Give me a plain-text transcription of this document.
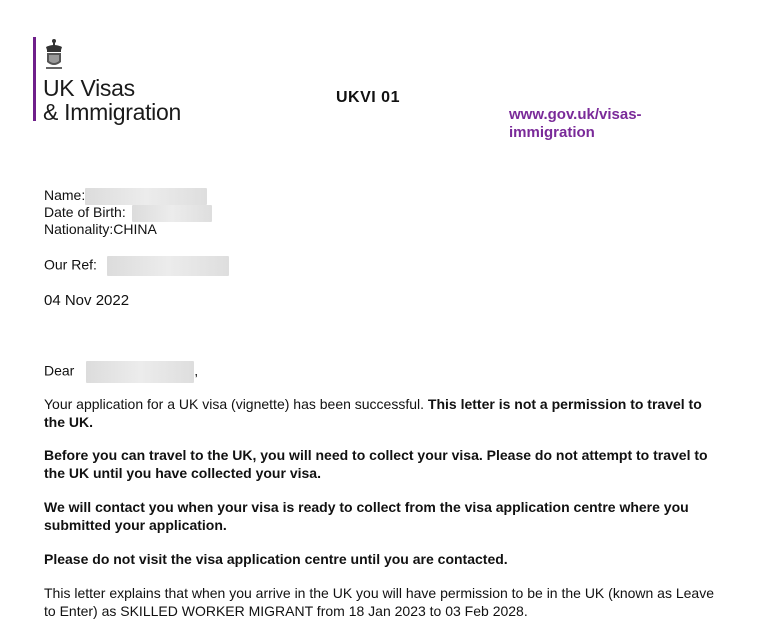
UK Visas
& Immigration
UKVI 01
www.gov.uk/visas-
immigration
Name:
Date of Birth:
Nationality:CHINA
Our Ref:
04 Nov 2022
Dear	,
Your application for a UK visa (vignette) has been successful. This letter is not a permission to travel to the UK.
Before you can travel to the UK, you will need to collect your visa. Please do not attempt to travel to the UK until you have collected your visa.
We will contact you when your visa is ready to collect from the visa application centre where you submitted your application.
Please do not visit the visa application centre until you are contacted.
This letter explains that when you arrive in the UK you will have permission to be in the UK (known as Leave to Enter) as SKILLED WORKER MIGRANT from 18 Jan 2023 to 03 Feb 2028.
